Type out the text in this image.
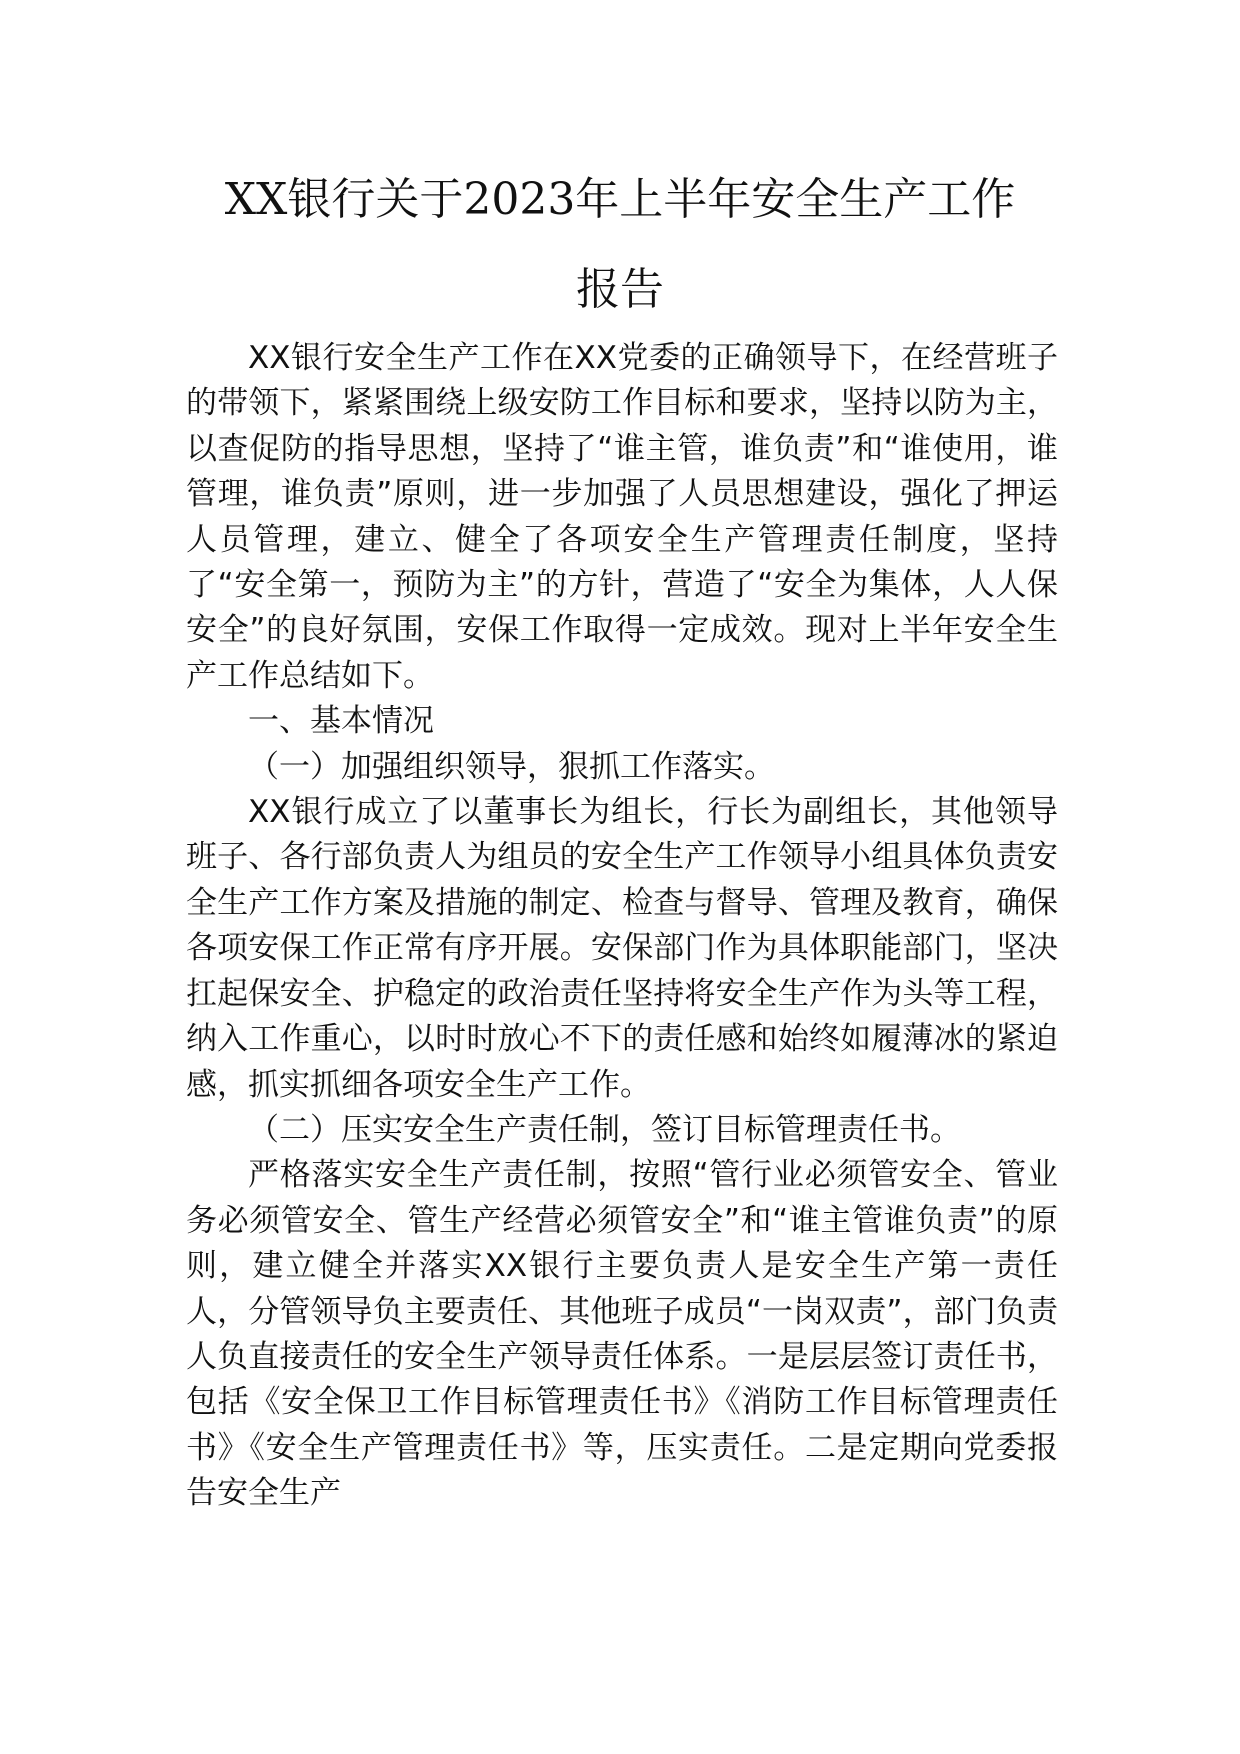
XX银行关于2023年上半年安全生产工作
报告

XX银行安全生产工作在XX党委的正确领导下，在经营班子的带领下，紧紧围绕上级安防工作目标和要求，坚持以防为主，以查促防的指导思想，坚持了“谁主管，谁负责”和“谁使用，谁管理，谁负责”原则，进一步加强了人员思想建设，强化了押运人员管理，建立、健全了各项安全生产管理责任制度，坚持了“安全第一，预防为主”的方针，营造了“安全为集体，人人保安全”的良好氛围，安保工作取得一定成效。现对上半年安全生产工作总结如下。

一、基本情况

（一）加强组织领导，狠抓工作落实。

XX银行成立了以董事长为组长，行长为副组长，其他领导班子、各行部负责人为组员的安全生产工作领导小组具体负责安全生产工作方案及措施的制定、检查与督导、管理及教育，确保各项安保工作正常有序开展。安保部门作为具体职能部门，坚决扛起保安全、护稳定的政治责任坚持将安全生产作为头等工程，纳入工作重心，以时时放心不下的责任感和始终如履薄冰的紧迫感，抓实抓细各项安全生产工作。

（二）压实安全生产责任制，签订目标管理责任书。

严格落实安全生产责任制，按照“管行业必须管安全、管业务必须管安全、管生产经营必须管安全”和“谁主管谁负责”的原则，建立健全并落实XX银行主要负责人是安全生产第一责任人，分管领导负主要责任、其他班子成员“一岗双责”，部门负责人负直接责任的安全生产领导责任体系。一是层层签订责任书，包括《安全保卫工作目标管理责任书》《消防工作目标管理责任书》《安全生产管理责任书》等，压实责任。二是定期向党委报告安全生产
